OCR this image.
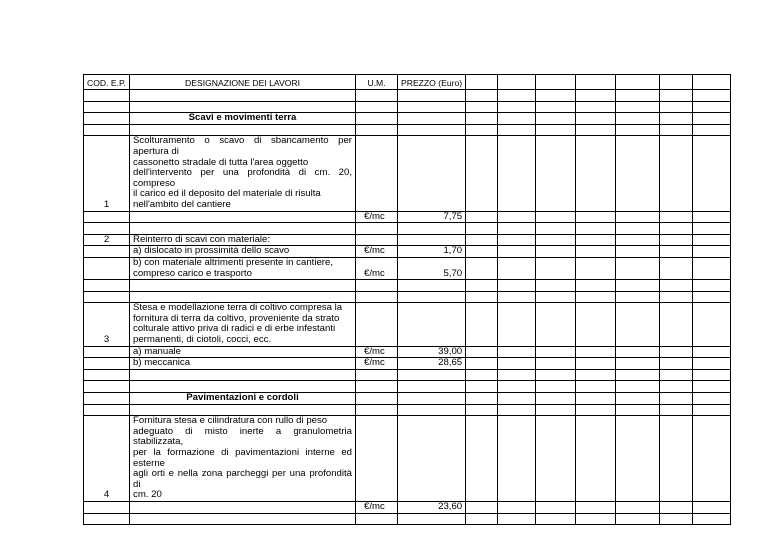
COD. E.P.	DESIGNAZIONE DEI LAVORI	U.M.	PREZZO (Euro)							

	Scavi e movimenti terra									

1	Scolturamento o scavo di sbancamento per apertura di
cassonetto stradale di tutta l'area oggetto
dell'intervento per una profondità di cm. 20, compreso
il carico ed il deposito del materiale di risulta
nell'ambito del cantiere									

		€/mc	7,75							

2	Reinterro di scavi con materiale:									
	a) dislocato in prossimità dello scavo	€/mc	1,70							

	b) con materiale altrimenti presente in cantiere,
compreso carico e trasporto	€/mc	5,70							

3	Stesa e modellazione terra di coltivo compresa la
fornitura di terra da coltivo, proveniente da strato
colturale attivo priva di radici e di erbe infestanti
permanenti, di ciotoli, cocci, ecc.									

	a) manuale	€/mc	39,00							
	b) meccanica	€/mc	28,65							

	Pavimentazioni e cordoli									

4	Fornitura stesa e cilindratura con rullo di peso
adeguato di misto inerte a granulometria stabilizzata,
per la formazione di pavimentazioni interne ed esterne
agli orti e nella zona parcheggi per una profondità di
cm. 20									

		€/mc	23,60							
